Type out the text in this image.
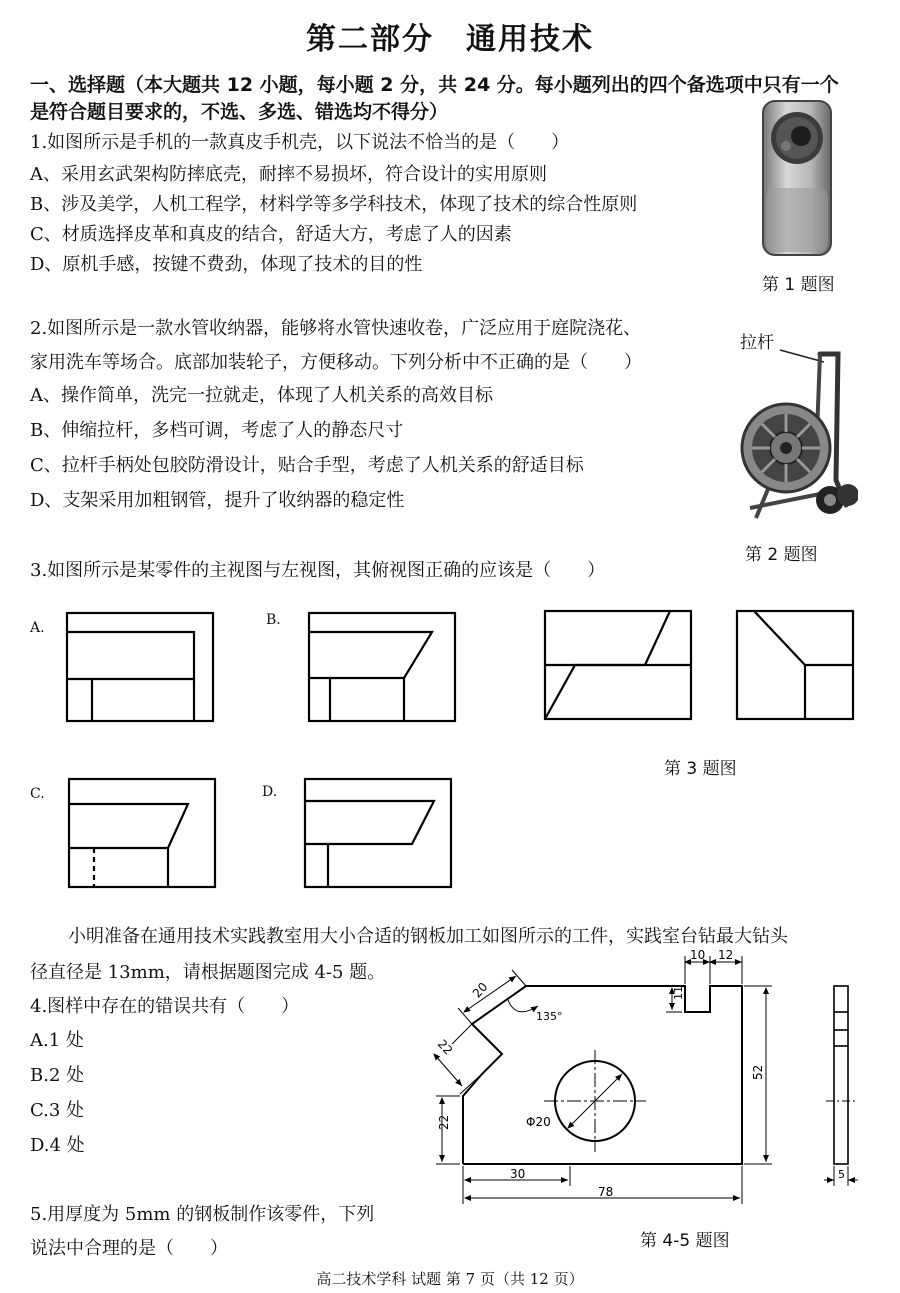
第二部分　通用技术
一、选择题（本大题共 12 小题，每小题 2 分，共 24 分。每小题列出的四个备选项中只有一个
是符合题目要求的，不选、多选、错选均不得分）
1.如图所示是手机的一款真皮手机壳，以下说法不恰当的是（　　）
A、采用玄武架构防摔底壳，耐摔不易损坏，符合设计的实用原则
B、涉及美学，人机工程学，材料学等多学科技术，体现了技术的综合性原则
C、材质选择皮革和真皮的结合，舒适大方，考虑了人的因素
D、原机手感，按键不费劲，体现了技术的目的性
第 1 题图
2.如图所示是一款水管收纳器，能够将水管快速收卷，广泛应用于庭院浇花、
家用洗车等场合。底部加装轮子，方便移动。下列分析中不正确的是（　　）
A、操作简单，洗完一拉就走，体现了人机关系的高效目标
B、伸缩拉杆，多档可调，考虑了人的静态尺寸
C、拉杆手柄处包胶防滑设计，贴合手型，考虑了人机关系的舒适目标
D、支架采用加粗钢管，提升了收纳器的稳定性
拉杆
第 2 题图
3.如图所示是某零件的主视图与左视图，其俯视图正确的应该是（　　）
A.	B.
第 3 题图
C.	D.
小明准备在通用技术实践教室用大小合适的钢板加工如图所示的工件，实践室台钻最大钻头
径直径是 13mm，请根据题图完成 4-5 题。
4.图样中存在的错误共有（　　）
A.1 处
B.2 处
C.3 处
D.4 处
5.用厚度为 5mm 的钢板制作该零件，下列
说法中合理的是（　　）
Φ20
10 12
11
52
30
78
22
22
20
135°
5
第 4-5 题图
高二技术学科 试题 第 7 页（共 12 页）
